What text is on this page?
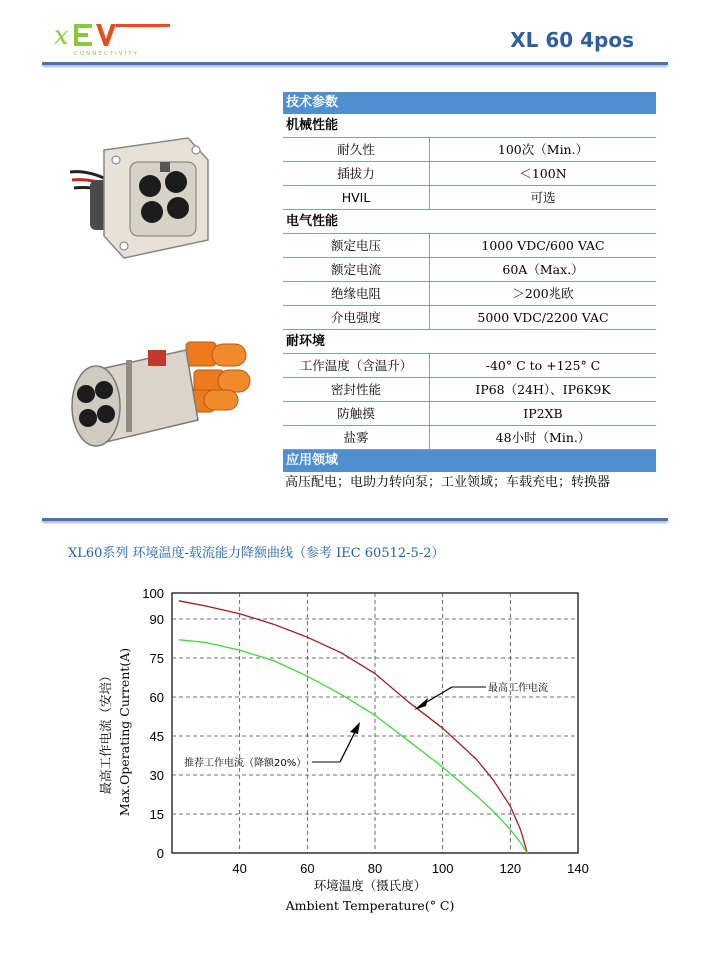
x
CONNECTIVITY
XL 60 4pos
技术参数
机械性能
耐久性	100次（Min.）
插拔力	＜100N
HVIL	可选
电气性能
额定电压	1000 VDC/600 VAC
额定电流	60A（Max.）
绝缘电阻	＞200兆欧
介电强度	5000 VDC/2200 VAC
耐环境
工作温度（含温升）	-40° C to +125° C
密封性能	IP68（24H）、IP6K9K
防触摸	IP2XB
盐雾	48小时（Min.）
应用领域
高压配电；电助力转向泵；工业领域；车载充电；转换器
XL60系列 环境温度-载流能力降额曲线（参考 IEC 60512-5-2）
40	60	80	100	120	140
0
15
30
45
60
75
90
100
最高工作电流
推荐工作电流（降额20%）
环境温度（摄氏度）
Ambient Temperature(° C)
最高工作电流（安培） Max.Operating Current(A)
